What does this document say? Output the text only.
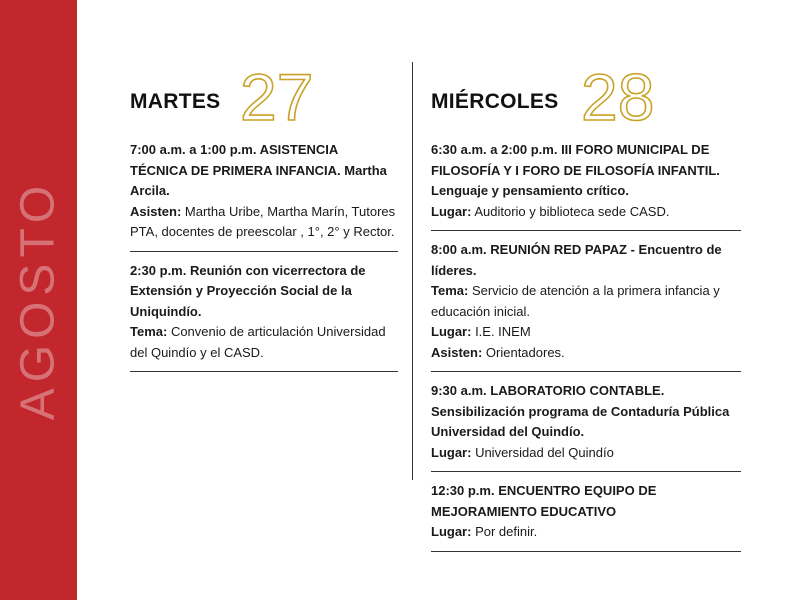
AGOSTO
MARTES 27
7:00 a.m. a 1:00 p.m. ASISTENCIA TÉCNICA DE PRIMERA INFANCIA. Martha Arcila.
Asisten: Martha Uribe, Martha Marín, Tutores PTA, docentes de preescolar , 1°, 2° y Rector.
2:30 p.m. Reunión con vicerrectora de Extensión y Proyección Social de la Uniquindío.
Tema: Convenio de articulación Universidad del Quindío y el CASD.
MIÉRCOLES 28
6:30 a.m. a 2:00 p.m. III FORO MUNICIPAL DE FILOSOFÍA Y I FORO DE FILOSOFÍA INFANTIL. Lenguaje y pensamiento crítico.
Lugar: Auditorio y biblioteca sede CASD.
8:00 a.m. REUNIÓN RED PAPAZ - Encuentro de líderes.
Tema: Servicio de atención a la primera infancia y educación inicial.
Lugar: I.E. INEM
Asisten: Orientadores.
9:30 a.m. LABORATORIO CONTABLE. Sensibilización programa de Contaduría Pública Universidad del Quindío.
Lugar: Universidad del Quindío
12:30 p.m. ENCUENTRO EQUIPO DE MEJORAMIENTO EDUCATIVO
Lugar: Por definir.
